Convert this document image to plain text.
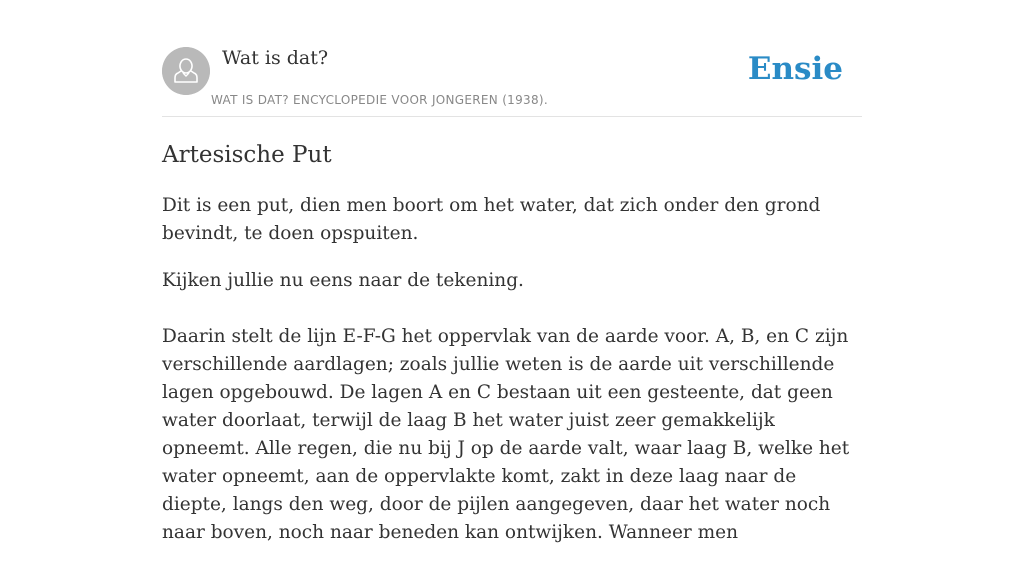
Wat is dat?
WAT IS DAT? ENCYCLOPEDIE VOOR JONGEREN (1938).
Ensie
Artesische Put

Dit is een put, dien men boort om het water, dat zich onder den grond bevindt, te doen opspuiten.

Kijken jullie nu eens naar de tekening.

Daarin stelt de lijn E-F-G het oppervlak van de aarde voor. A, B, en C zijn verschillende aardlagen; zoals jullie weten is de aarde uit verschillende lagen opgebouwd. De lagen A en C bestaan uit een gesteente, dat geen water doorlaat, terwijl de laag B het water juist zeer gemakkelijk opneemt. Alle regen, die nu bij J op de aarde valt, waar laag B, welke het water opneemt, aan de oppervlakte komt, zakt in deze laag naar de diepte, langs den weg, door de pijlen aangegeven, daar het water noch naar boven, noch naar beneden kan ontwijken. Wanneer men
